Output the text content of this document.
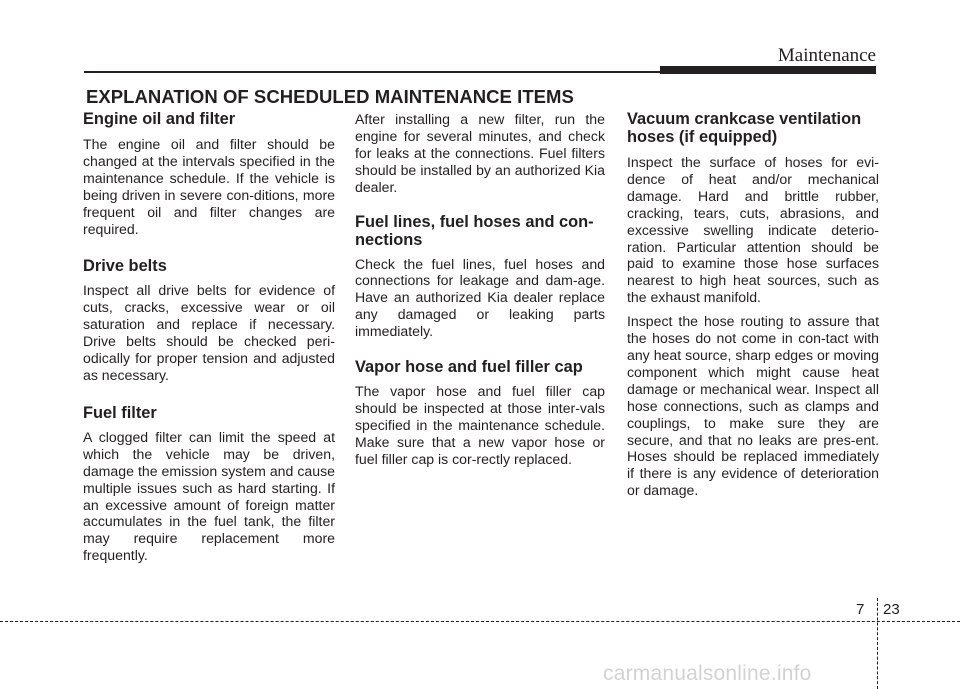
Maintenance
EXPLANATION OF SCHEDULED MAINTENANCE ITEMS
Engine oil and filter

The engine oil and filter should be changed at the intervals specified in the maintenance schedule. If the vehicle is being driven in severe con-ditions, more frequent oil and filter changes are required.

Drive belts

Inspect all drive belts for evidence of cuts, cracks, excessive wear or oil saturation and replace if necessary. Drive belts should be checked peri-odically for proper tension and adjusted as necessary.

Fuel filter

A clogged filter can limit the speed at which the vehicle may be driven, damage the emission system and cause multiple issues such as hard starting. If an excessive amount of foreign matter accumulates in the fuel tank, the filter may require replacement more frequently.

After installing a new filter, run the engine for several minutes, and check for leaks at the connections. Fuel filters should be installed by an authorized Kia dealer.

Fuel lines, fuel hoses and con-nections

Check the fuel lines, fuel hoses and connections for leakage and dam-age. Have an authorized Kia dealer replace any damaged or leaking parts immediately.

Vapor hose and fuel filler cap

The vapor hose and fuel filler cap should be inspected at those inter-vals specified in the maintenance schedule. Make sure that a new vapor hose or fuel filler cap is cor-rectly replaced.

Vacuum crankcase ventilation hoses (if equipped)

Inspect the surface of hoses for evi-dence of heat and/or mechanical damage. Hard and brittle rubber, cracking, tears, cuts, abrasions, and excessive swelling indicate deterio-ration. Particular attention should be paid to examine those hose surfaces nearest to high heat sources, such as the exhaust manifold.

Inspect the hose routing to assure that the hoses do not come in con-tact with any heat source, sharp edges or moving component which might cause heat damage or mechanical wear. Inspect all hose connections, such as clamps and couplings, to make sure they are secure, and that no leaks are pres-ent. Hoses should be replaced immediately if there is any evidence of deterioration or damage.

7 23
carmanualsonline.info
